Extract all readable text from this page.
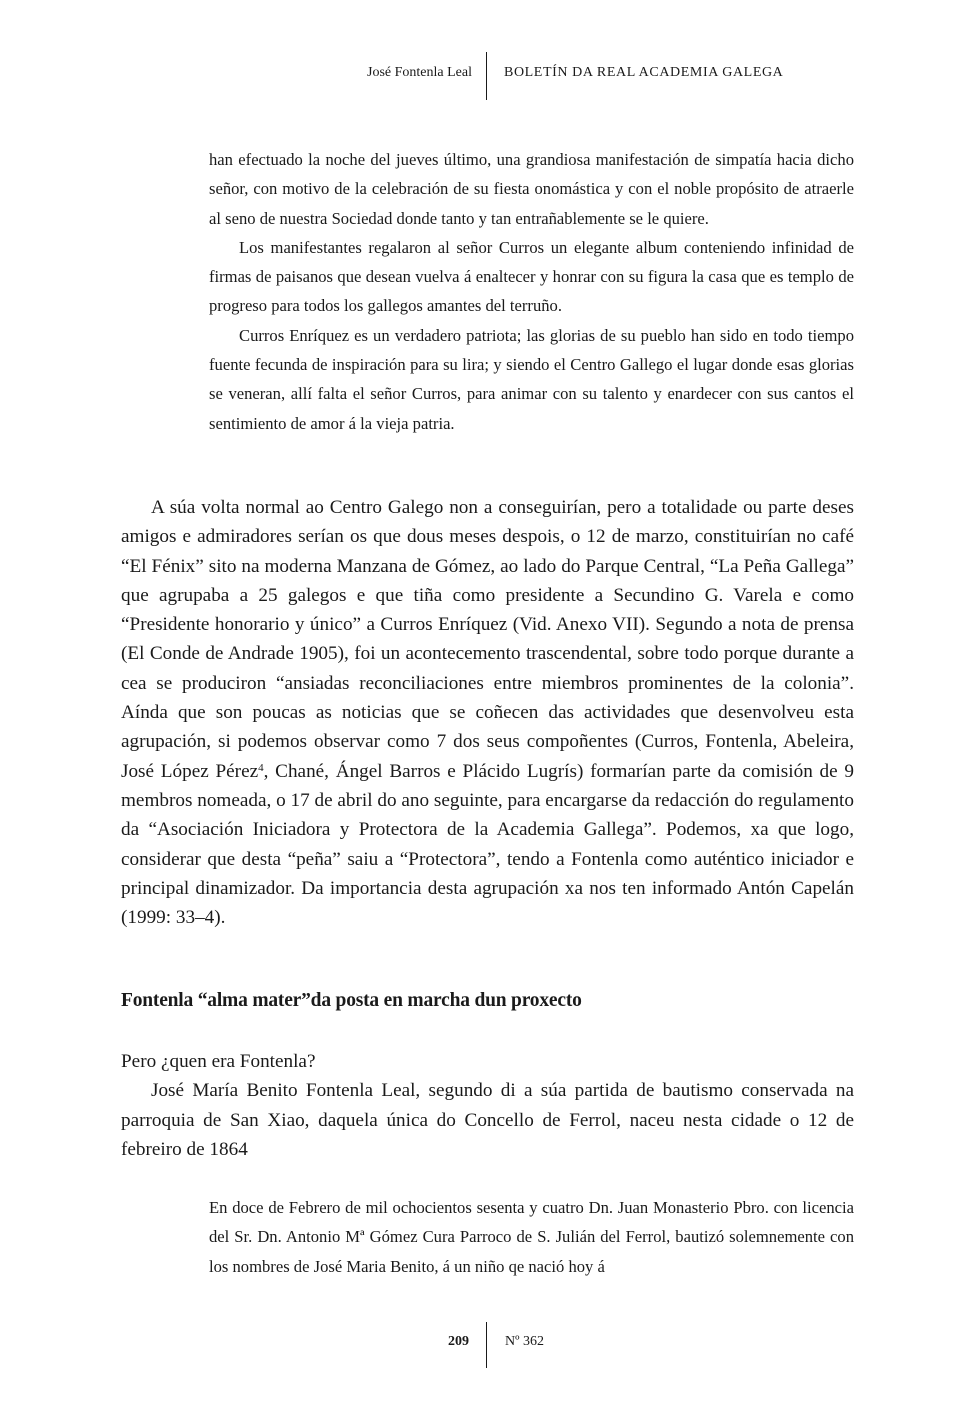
José Fontenla Leal BOLETÍN DA REAL ACADEMIA GALEGA

han efectuado la noche del jueves último, una grandiosa manifestación de simpatía hacia dicho señor, con motivo de la celebración de su fiesta onomástica y con el noble propósito de atraerle al seno de nuestra Sociedad donde tanto y tan entrañablemente se le quiere.

Los manifestantes regalaron al señor Curros un elegante album conteniendo infinidad de firmas de paisanos que desean vuelva á enaltecer y honrar con su figura la casa que es templo de progreso para todos los gallegos amantes del terruño.

Curros Enríquez es un verdadero patriota; las glorias de su pueblo han sido en todo tiempo fuente fecunda de inspiración para su lira; y siendo el Centro Gallego el lugar donde esas glorias se veneran, allí falta el señor Curros, para animar con su talento y enardecer con sus cantos el sentimiento de amor á la vieja patria.

A súa volta normal ao Centro Galego non a conseguirían, pero a totalidade ou parte deses amigos e admiradores serían os que dous meses despois, o 12 de marzo, constituirían no café “El Fénix” sito na moderna Manzana de Gómez, ao lado do Parque Central, “La Peña Gallega” que agrupaba a 25 galegos e que tiña como presidente a Secundino G. Varela e como “Presidente honorario y único” a Curros Enríquez (Vid. Anexo VII). Segundo a nota de prensa (El Conde de Andrade 1905), foi un acontecemento trascendental, sobre todo porque durante a cea se produciron “ansiadas reconciliaciones entre miembros prominentes de la colonia”. Aínda que son poucas as noticias que se coñecen das actividades que desenvolveu esta agrupación, si podemos observar como 7 dos seus compoñentes (Curros, Fontenla, Abeleira, José López Pérez$^4$, Chané, Ángel Barros e Plácido Lugrís) formarían parte da comisión de 9 membros nomeada, o 17 de abril do ano seguinte, para encargarse da redacción do regulamento da “Asociación Iniciadora y Protectora de la Academia Gallega”. Podemos, xa que logo, considerar que desta “peña” saiu a “Protectora”, tendo a Fontenla como auténtico iniciador e principal dinamizador. Da importancia desta agrupación xa nos ten informado Antón Capelán (1999: 33–4).

Fontenla “alma mater”da posta en marcha dun proxecto

Pero ¿quen era Fontenla?

José María Benito Fontenla Leal, segundo di a súa partida de bautismo conservada na parroquia de San Xiao, daquela única do Concello de Ferrol, naceu nesta cidade o 12 de febreiro de 1864

En doce de Febrero de mil ochocientos sesenta y cuatro Dn. Juan Monasterio Pbro. con licencia del Sr. Dn. Antonio Mª Gómez Cura Parroco de S. Julián del Ferrol, bautizó solemnemente con los nombres de José Maria Benito, á un niño qe nació hoy á

209	Nº 362
